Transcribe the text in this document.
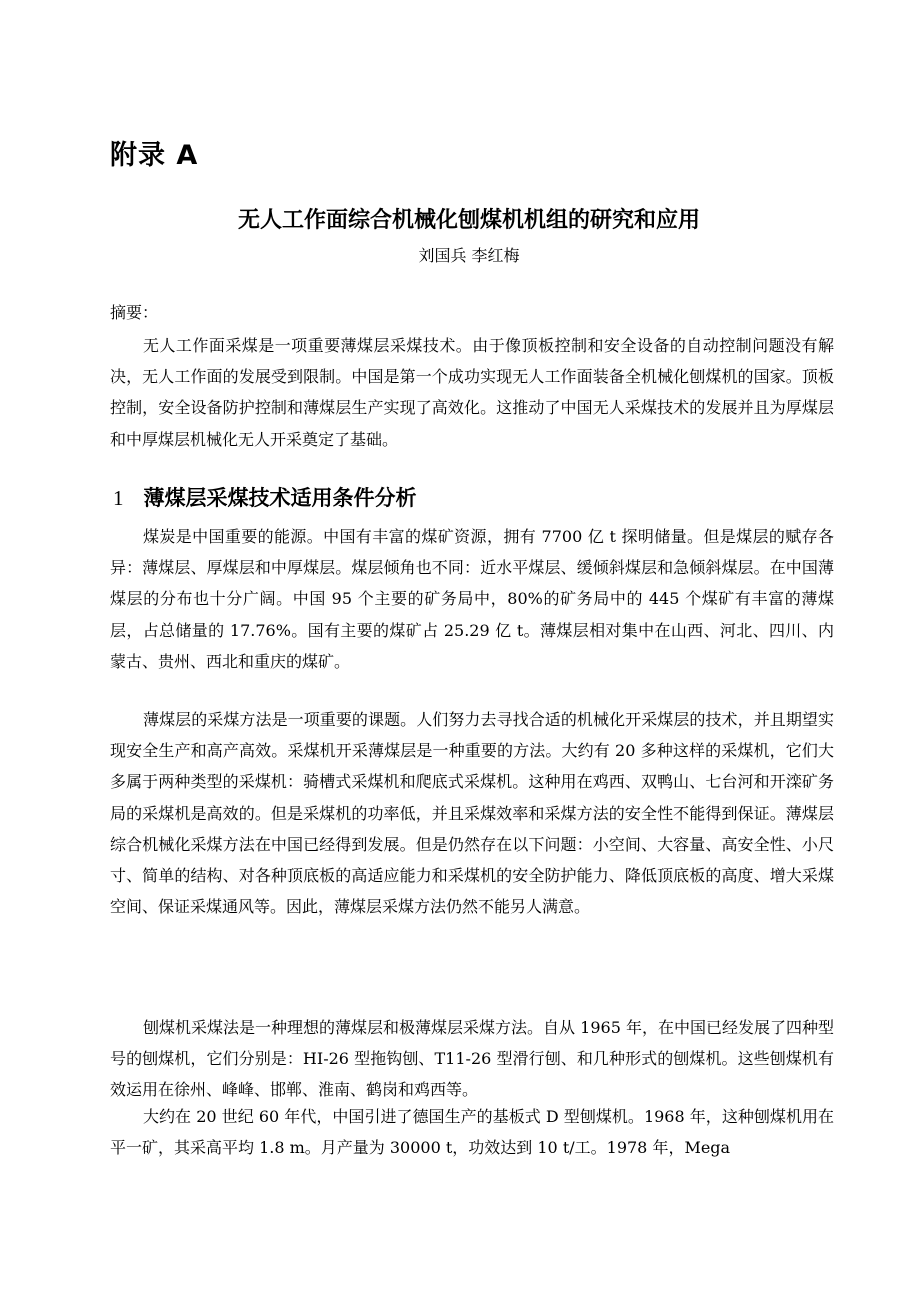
附录 A
无人工作面综合机械化刨煤机机组的研究和应用
刘国兵 李红梅
摘要：

无人工作面采煤是一项重要薄煤层采煤技术。由于像顶板控制和安全设备的自动控制问题没有解决，无人工作面的发展受到限制。中国是第一个成功实现无人工作面装备全机械化刨煤机的国家。顶板控制，安全设备防护控制和薄煤层生产实现了高效化。这推动了中国无人采煤技术的发展并且为厚煤层和中厚煤层机械化无人开采奠定了基础。

1 薄煤层采煤技术适用条件分析

煤炭是中国重要的能源。中国有丰富的煤矿资源，拥有 7700 亿 t 探明储量。但是煤层的赋存各异：薄煤层、厚煤层和中厚煤层。煤层倾角也不同：近水平煤层、缓倾斜煤层和急倾斜煤层。在中国薄煤层的分布也十分广阔。中国 95 个主要的矿务局中，80%的矿务局中的 445 个煤矿有丰富的薄煤层，占总储量的 17.76%。国有主要的煤矿占 25.29 亿 t。薄煤层相对集中在山西、河北、四川、内蒙古、贵州、西北和重庆的煤矿。

薄煤层的采煤方法是一项重要的课题。人们努力去寻找合适的机械化开采煤层的技术，并且期望实现安全生产和高产高效。采煤机开采薄煤层是一种重要的方法。大约有 20 多种这样的采煤机，它们大多属于两种类型的采煤机：骑槽式采煤机和爬底式采煤机。这种用在鸡西、双鸭山、七台河和开滦矿务局的采煤机是高效的。但是采煤机的功率低，并且采煤效率和采煤方法的安全性不能得到保证。薄煤层综合机械化采煤方法在中国已经得到发展。但是仍然存在以下问题：小空间、大容量、高安全性、小尺寸、简单的结构、对各种顶底板的高适应能力和采煤机的安全防护能力、降低顶底板的高度、增大采煤空间、保证采煤通风等。因此，薄煤层采煤方法仍然不能另人满意。

刨煤机采煤法是一种理想的薄煤层和极薄煤层采煤方法。自从 1965 年，在中国已经发展了四种型号的刨煤机，它们分别是：HI-26 型拖钩刨、T11-26 型滑行刨、和几种形式的刨煤机。这些刨煤机有效运用在徐州、峰峰、邯郸、淮南、鹤岗和鸡西等。

大约在 20 世纪 60 年代，中国引进了德国生产的基板式 D 型刨煤机。1968 年，这种刨煤机用在平一矿，其采高平均 1.8 m。月产量为 30000 t，功效达到 10 t/工。1978 年，Mega
